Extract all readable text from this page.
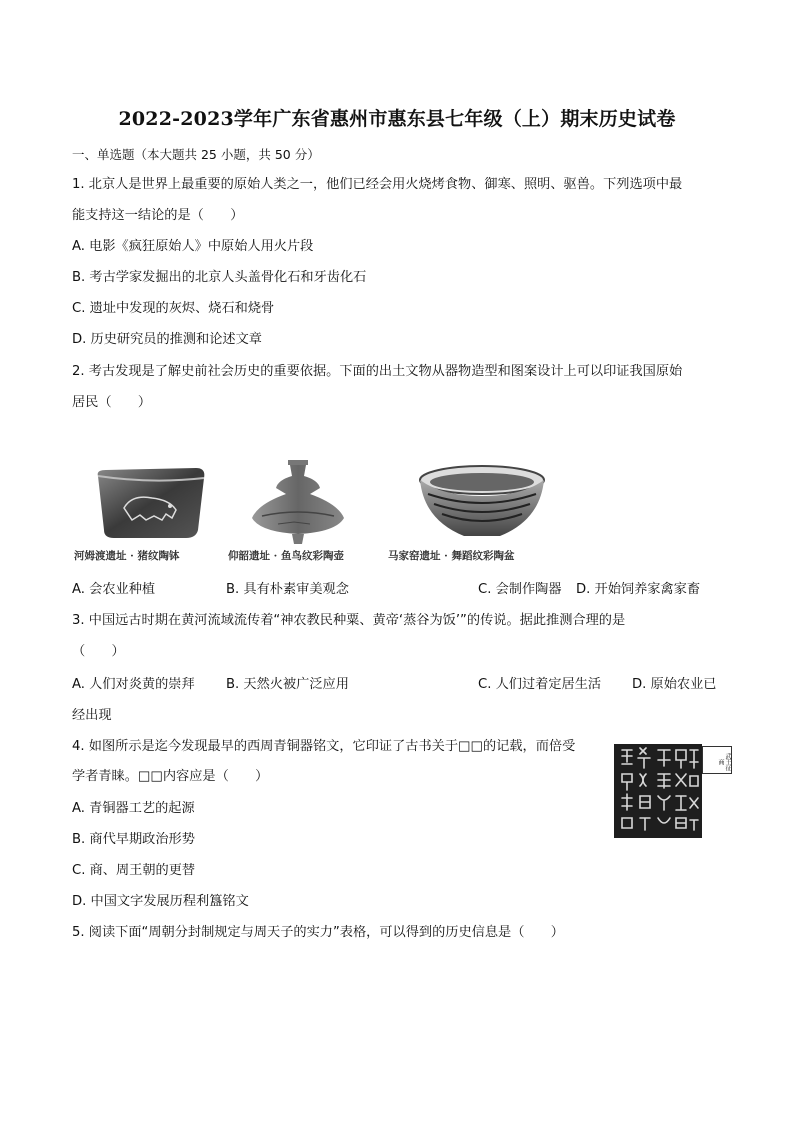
2022-2023学年广东省惠州市惠东县七年级（上）期末历史试卷
一、单选题（本大题共 25 小题，共 50 分）
1. 北京人是世界上最重要的原始人类之一，他们已经会用火烧烤食物、御寒、照明、驱兽。下列选项中最
能支持这一结论的是（　　）
A. 电影《疯狂原始人》中原始人用火片段
B. 考古学家发掘出的北京人头盖骨化石和牙齿化石
C. 遗址中发现的灰烬、烧石和烧骨
D. 历史研究员的推测和论述文章
2. 考古发现是了解史前社会历史的重要依据。下面的出土文物从器物造型和图案设计上可以印证我国原始
居民（　　）
河姆渡遗址 · 猪纹陶钵	仰韶遗址 · 鱼鸟纹彩陶壶	马家窑遗址 · 舞蹈纹彩陶盆
A. 会农业种植	B. 具有朴素审美观念	C. 会制作陶器 D. 开始饲养家禽家畜
3. 中国远古时期在黄河流域流传着“神农教民种粟、黄帝‘蒸谷为饭’”的传说。据此推测合理的是
（　　）
A. 人们对炎黄的崇拜 B. 天然火被广泛应用	C. 人们过着定居生活 D. 原始农业已
经出现
4. 如图所示是迄今发现最早的西周青铜器铭文，它印证了古书关于□□的记载，而倍受
学者青睐。□□内容应是（　　）
武王征商
A. 青铜器工艺的起源
B. 商代早期政治形势
C. 商、周王朝的更替
D. 中国文字发展历程利簋铭文
5. 阅读下面“周朝分封制规定与周天子的实力”表格，可以得到的历史信息是（　　）
